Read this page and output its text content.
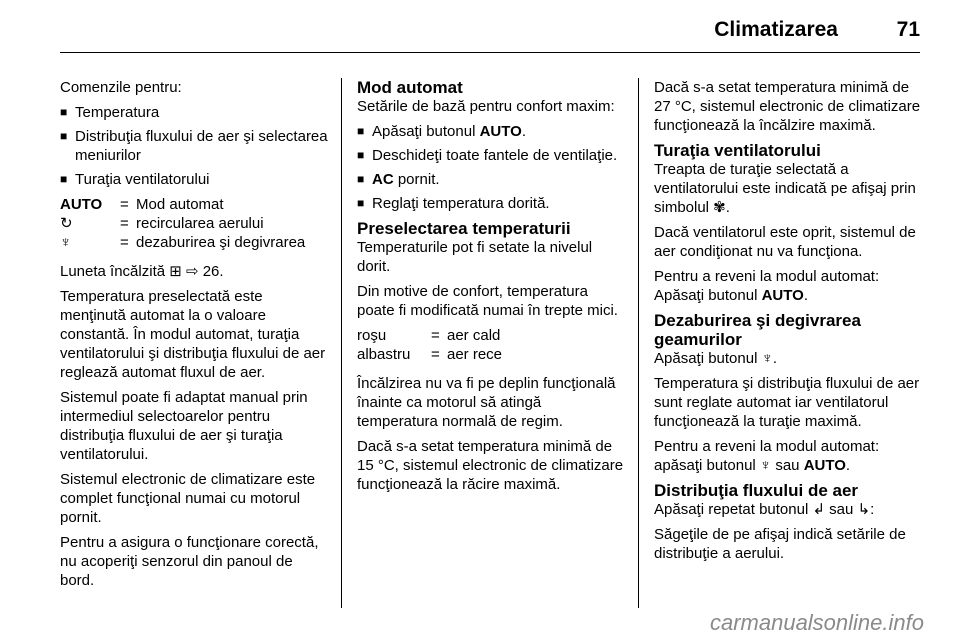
Climatizarea	71

Comenzile pentru:

■ Temperatura
■ Distribuţia fluxului de aer şi selectarea meniurilor
■ Turaţia ventilatorului
AUTO	=	Mod automat
↻	=	recircularea aerului
♆	=	dezaburirea şi degivrarea

Luneta încălzită ⊞ ⇨ 26.

Temperatura preselectată este menţinută automat la o valoare constantă. În modul automat, turaţia ventilatorului şi distribuţia fluxului de aer reglează automat fluxul de aer.

Sistemul poate fi adaptat manual prin intermediul selectoarelor pentru distribuţia fluxului de aer şi turaţia ventilatorului.

Sistemul electronic de climatizare este complet funcţional numai cu motorul pornit.

Pentru a asigura o funcţionare corectă, nu acoperiţi senzorul din panoul de bord.

Mod automat

Setările de bază pentru confort maxim:

■ Apăsaţi butonul AUTO.
■ Deschideţi toate fantele de ventilaţie.
■ AC pornit.
■ Reglaţi temperatura dorită.
Preselectarea temperaturii

Temperaturile pot fi setate la nivelul dorit.

Din motive de confort, temperatura poate fi modificată numai în trepte mici.

roşu	=	aer cald
albastru	=	aer rece

Încălzirea nu va fi pe deplin funcţională înainte ca motorul să atingă temperatura normală de regim.

Dacă s-a setat temperatura minimă de 15 °C, sistemul electronic de climatizare funcţionează la răcire maximă.

Dacă s-a setat temperatura minimă de 27 °C, sistemul electronic de climatizare funcţionează la încălzire maximă.

Turaţia ventilatorului

Treapta de turaţie selectată a ventilatorului este indicată pe afişaj prin simbolul ✾.

Dacă ventilatorul este oprit, sistemul de aer condiţionat nu va funcţiona.

Pentru a reveni la modul automat: Apăsaţi butonul AUTO.

Dezaburirea şi degivrarea geamurilor

Apăsaţi butonul ♆.

Temperatura şi distribuţia fluxului de aer sunt reglate automat iar ventilatorul funcţionează la turaţie maximă.

Pentru a reveni la modul automat: apăsaţi butonul ♆ sau AUTO.

Distribuţia fluxului de aer

Apăsaţi repetat butonul ↲ sau ↳:

Săgeţile de pe afişaj indică setările de distribuţie a aerului.

carmanualsonline.info
